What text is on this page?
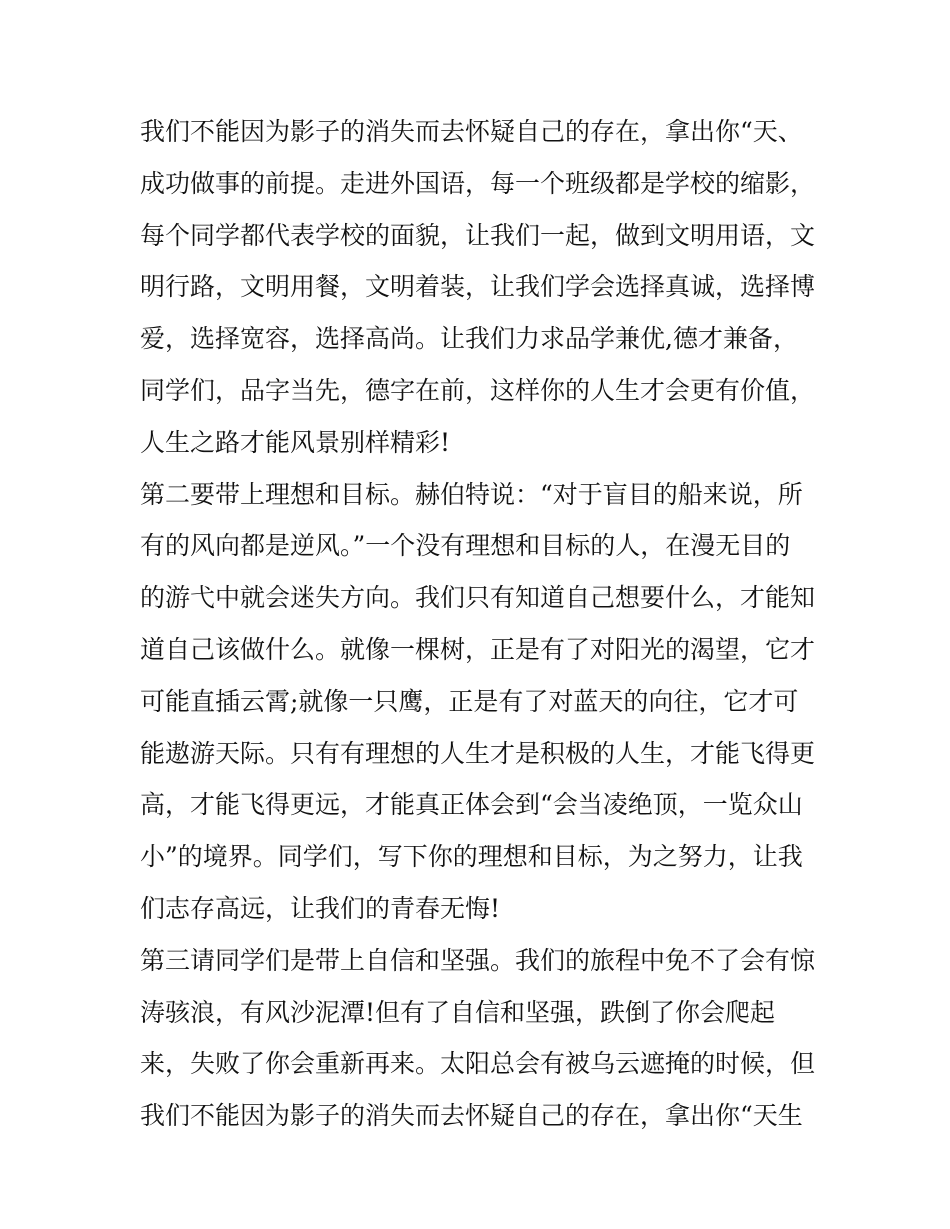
我们不能因为影子的消失而去怀疑自己的存在，拿出你“天、
成功做事的前提。走进外国语，每一个班级都是学校的缩影，
每个同学都代表学校的面貌，让我们一起，做到文明用语，文
明行路，文明用餐，文明着装，让我们学会选择真诚，选择博
爱，选择宽容，选择高尚。让我们力求品学兼优,德才兼备，
同学们，品字当先，德字在前，这样你的人生才会更有价值，
人生之路才能风景别样精彩!
第二要带上理想和目标。赫伯特说：“对于盲目的船来说，所
有的风向都是逆风。”一个没有理想和目标的人，在漫无目的
的游弋中就会迷失方向。我们只有知道自己想要什么，才能知
道自己该做什么。就像一棵树，正是有了对阳光的渴望，它才
可能直插云霄;就像一只鹰，正是有了对蓝天的向往，它才可
能遨游天际。只有有理想的人生才是积极的人生，才能飞得更
高，才能飞得更远，才能真正体会到“会当凌绝顶，一览众山
小”的境界。同学们，写下你的理想和目标，为之努力，让我
们志存高远，让我们的青春无悔!
第三请同学们是带上自信和坚强。我们的旅程中免不了会有惊
涛骇浪，有风沙泥潭!但有了自信和坚强，跌倒了你会爬起
来，失败了你会重新再来。太阳总会有被乌云遮掩的时候，但
我们不能因为影子的消失而去怀疑自己的存在，拿出你“天生
